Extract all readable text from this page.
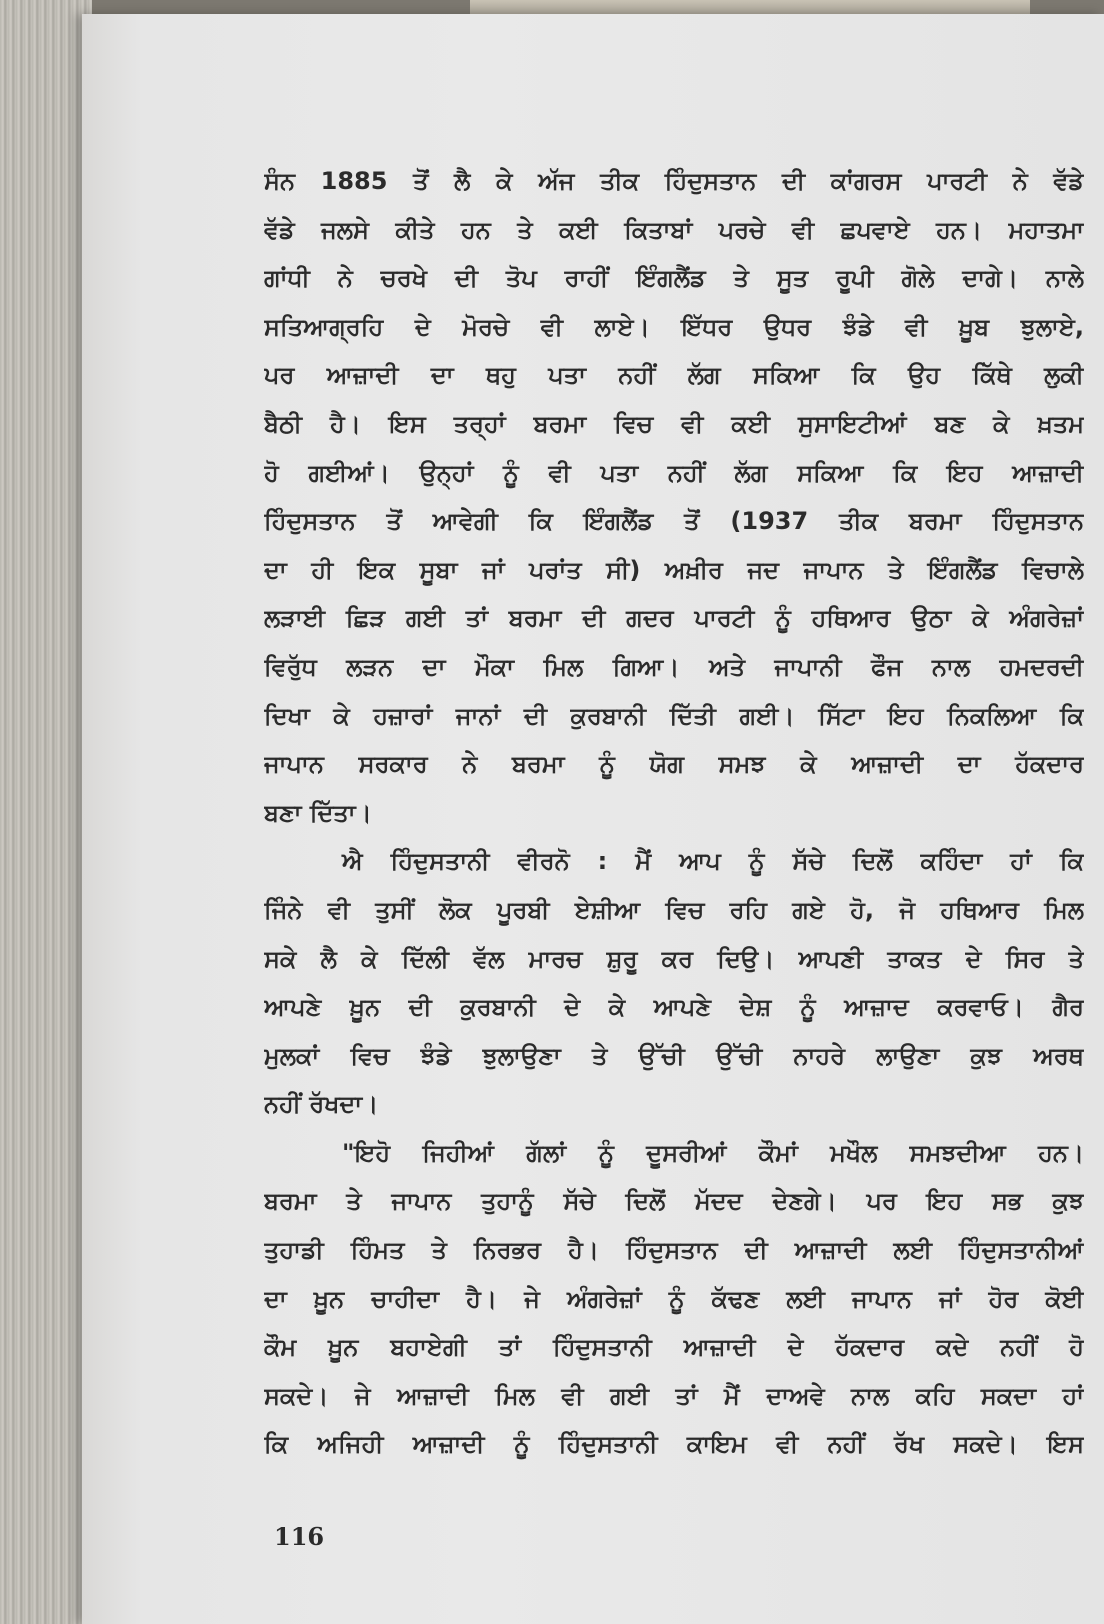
ਸੰਨ 1885 ਤੋਂ ਲੈ ਕੇ ਅੱਜ ਤੀਕ ਹਿੰਦੁਸਤਾਨ ਦੀ ਕਾਂਗਰਸ ਪਾਰਟੀ ਨੇ ਵੱਡੇ
ਵੱਡੇ ਜਲਸੇ ਕੀਤੇ ਹਨ ਤੇ ਕਈ ਕਿਤਾਬਾਂ ਪਰਚੇ ਵੀ ਛਪਵਾਏ ਹਨ। ਮਹਾਤਮਾ
ਗਾਂਧੀ ਨੇ ਚਰਖੇ ਦੀ ਤੋਪ ਰਾਹੀਂ ਇੰਗਲੈਂਡ ਤੇ ਸੂਤ ਰੂਪੀ ਗੋਲੇ ਦਾਗੇ। ਨਾਲੇ
ਸਤਿਆਗ੍ਰਹਿ ਦੇ ਮੋਰਚੇ ਵੀ ਲਾਏ। ਇੱਧਰ ਉਧਰ ਝੰਡੇ ਵੀ ਖ਼ੂਬ ਝੁਲਾਏ,
ਪਰ ਆਜ਼ਾਦੀ ਦਾ ਥਹੁ ਪਤਾ ਨਹੀਂ ਲੱਗ ਸਕਿਆ ਕਿ ਉਹ ਕਿੱਥੇ ਲੁਕੀ
ਬੈਠੀ ਹੈ। ਇਸ ਤਰ੍ਹਾਂ ਬਰਮਾ ਵਿਚ ਵੀ ਕਈ ਸੁਸਾਇਟੀਆਂ ਬਣ ਕੇ ਖ਼ਤਮ
ਹੋ ਗਈਆਂ। ਉਨ੍ਹਾਂ ਨੂੰ ਵੀ ਪਤਾ ਨਹੀਂ ਲੱਗ ਸਕਿਆ ਕਿ ਇਹ ਆਜ਼ਾਦੀ
ਹਿੰਦੁਸਤਾਨ ਤੋਂ ਆਵੇਗੀ ਕਿ ਇੰਗਲੈਂਡ ਤੋਂ (1937 ਤੀਕ ਬਰਮਾ ਹਿੰਦੁਸਤਾਨ
ਦਾ ਹੀ ਇਕ ਸੂਬਾ ਜਾਂ ਪਰਾਂਤ ਸੀ) ਅਖ਼ੀਰ ਜਦ ਜਾਪਾਨ ਤੇ ਇੰਗਲੈਂਡ ਵਿਚਾਲੇ
ਲੜਾਈ ਛਿੜ ਗਈ ਤਾਂ ਬਰਮਾ ਦੀ ਗਦਰ ਪਾਰਟੀ ਨੂੰ ਹਥਿਆਰ ਉਠਾ ਕੇ ਅੰਗਰੇਜ਼ਾਂ
ਵਿਰੁੱਧ ਲੜਨ ਦਾ ਮੌਕਾ ਮਿਲ ਗਿਆ। ਅਤੇ ਜਾਪਾਨੀ ਫੌਜ ਨਾਲ ਹਮਦਰਦੀ
ਦਿਖਾ ਕੇ ਹਜ਼ਾਰਾਂ ਜਾਨਾਂ ਦੀ ਕੁਰਬਾਨੀ ਦਿੱਤੀ ਗਈ। ਸਿੱਟਾ ਇਹ ਨਿਕਲਿਆ ਕਿ
ਜਾਪਾਨ ਸਰਕਾਰ ਨੇ ਬਰਮਾ ਨੂੰ ਯੋਗ ਸਮਝ ਕੇ ਆਜ਼ਾਦੀ ਦਾ ਹੱਕਦਾਰ
ਬਣਾ ਦਿੱਤਾ।
ਐ ਹਿੰਦੁਸਤਾਨੀ ਵੀਰਨੋ : ਮੈਂ ਆਪ ਨੂੰ ਸੱਚੇ ਦਿਲੋਂ ਕਹਿੰਦਾ ਹਾਂ ਕਿ
ਜਿੰਨੇ ਵੀ ਤੁਸੀਂ ਲੋਕ ਪੂਰਬੀ ਏਸ਼ੀਆ ਵਿਚ ਰਹਿ ਗਏ ਹੋ, ਜੋ ਹਥਿਆਰ ਮਿਲ
ਸਕੇ ਲੈ ਕੇ ਦਿੱਲੀ ਵੱਲ ਮਾਰਚ ਸ਼ੁਰੂ ਕਰ ਦਿਉ। ਆਪਣੀ ਤਾਕਤ ਦੇ ਸਿਰ ਤੇ
ਆਪਣੇ ਖ਼ੂਨ ਦੀ ਕੁਰਬਾਨੀ ਦੇ ਕੇ ਆਪਣੇ ਦੇਸ਼ ਨੂੰ ਆਜ਼ਾਦ ਕਰਵਾਓ। ਗੈਰ
ਮੁਲਕਾਂ ਵਿਚ ਝੰਡੇ ਝੁਲਾਉਣਾ ਤੇ ਉੱਚੀ ਉੱਚੀ ਨਾਹਰੇ ਲਾਉਣਾ ਕੁਝ ਅਰਥ
ਨਹੀਂ ਰੱਖਦਾ।
"ਇਹੋ ਜਿਹੀਆਂ ਗੱਲਾਂ ਨੂੰ ਦੂਸਰੀਆਂ ਕੌਮਾਂ ਮਖੌਲ ਸਮਝਦੀਆ ਹਨ।
ਬਰਮਾ ਤੇ ਜਾਪਾਨ ਤੁਹਾਨੂੰ ਸੱਚੇ ਦਿਲੋਂ ਮੱਦਦ ਦੇਣਗੇ। ਪਰ ਇਹ ਸਭ ਕੁਝ
ਤੁਹਾਡੀ ਹਿੰਮਤ ਤੇ ਨਿਰਭਰ ਹੈ। ਹਿੰਦੁਸਤਾਨ ਦੀ ਆਜ਼ਾਦੀ ਲਈ ਹਿੰਦੁਸਤਾਨੀਆਂ
ਦਾ ਖ਼ੂਨ ਚਾਹੀਦਾ ਹੈ। ਜੇ ਅੰਗਰੇਜ਼ਾਂ ਨੂੰ ਕੱਢਣ ਲਈ ਜਾਪਾਨ ਜਾਂ ਹੋਰ ਕੋਈ
ਕੌਮ ਖ਼ੂਨ ਬਹਾਏਗੀ ਤਾਂ ਹਿੰਦੁਸਤਾਨੀ ਆਜ਼ਾਦੀ ਦੇ ਹੱਕਦਾਰ ਕਦੇ ਨਹੀਂ ਹੋ
ਸਕਦੇ। ਜੇ ਆਜ਼ਾਦੀ ਮਿਲ ਵੀ ਗਈ ਤਾਂ ਮੈਂ ਦਾਅਵੇ ਨਾਲ ਕਹਿ ਸਕਦਾ ਹਾਂ
ਕਿ ਅਜਿਹੀ ਆਜ਼ਾਦੀ ਨੂੰ ਹਿੰਦੁਸਤਾਨੀ ਕਾਇਮ ਵੀ ਨਹੀਂ ਰੱਖ ਸਕਦੇ। ਇਸ
116
